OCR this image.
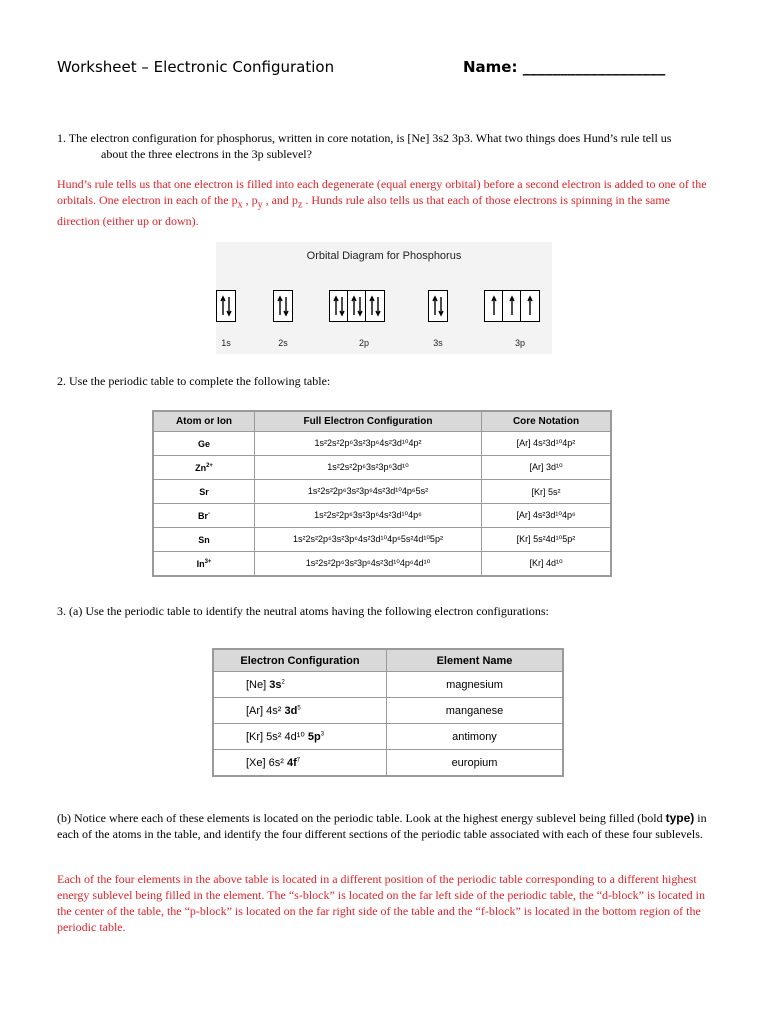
Worksheet – Electronic Configuration	Name: ___________________
1. The electron configuration for phosphorus, written in core notation, is [Ne] 3s2 3p3. What two things does Hund’s rule tell us
about the three electrons in the 3p sublevel?
Hund’s rule tells us that one electron is filled into each degenerate (equal energy orbital) before a second electron is added to one of the orbitals. One electron in each of the $p_x$ , $p_y$ , and $p_z$ . Hunds rule also tells us that each of those electrons is spinning in the same direction (either up or down).
Orbital Diagram for Phosphorus
1s	2s	2p	3s	3p
2. Use the periodic table to complete the following table:
Atom or Ion	Full Electron Configuration	Core Notation
Ge	1s²2s²2p⁶3s²3p⁶4s²3d¹⁰4p²	[Ar] 4s²3d¹⁰4p²
$Zn^{2+}$	1s²2s²2p⁶3s²3p⁶3d¹⁰	[Ar] 3d¹⁰
Sr	1s²2s²2p⁶3s²3p⁶4s²3d¹⁰4p⁶5s²	[Kr] 5s²
Br-	1s²2s²2p⁶3s²3p⁶4s²3d¹⁰4p⁶	[Ar] 4s²3d¹⁰4p⁶
Sn	1s²2s²2p⁶3s²3p⁶4s²3d¹⁰4p⁶5s²4d¹⁰5p²	[Kr] 5s²4d¹⁰5p²
$In^{3+}$	1s²2s²2p⁶3s²3p⁶4s²3d¹⁰4p⁶4d¹⁰	[Kr] 4d¹⁰
3. (a) Use the periodic table to identify the neutral atoms having the following electron configurations:
Electron Configuration	Element Name
[Ne] $3s^2$	magnesium
[Ar] 4s² $3d^5$	manganese
[Kr] 5s² 4d¹⁰ $5p^3$	antimony
[Xe] 6s² $4f^7$	europium
(b) Notice where each of these elements is located on the periodic table. Look at the highest energy sublevel being filled (bold type) in each of the atoms in the table, and identify the four different sections of the periodic table associated with each of these four sublevels.
Each of the four elements in the above table is located in a different position of the periodic table corresponding to a different highest energy sublevel being filled in the element. The “s-block” is located on the far left side of the periodic table, the “d-block” is located in the center of the table, the “p-block” is located on the far right side of the table and the “f-block” is located in the bottom region of the periodic table.
